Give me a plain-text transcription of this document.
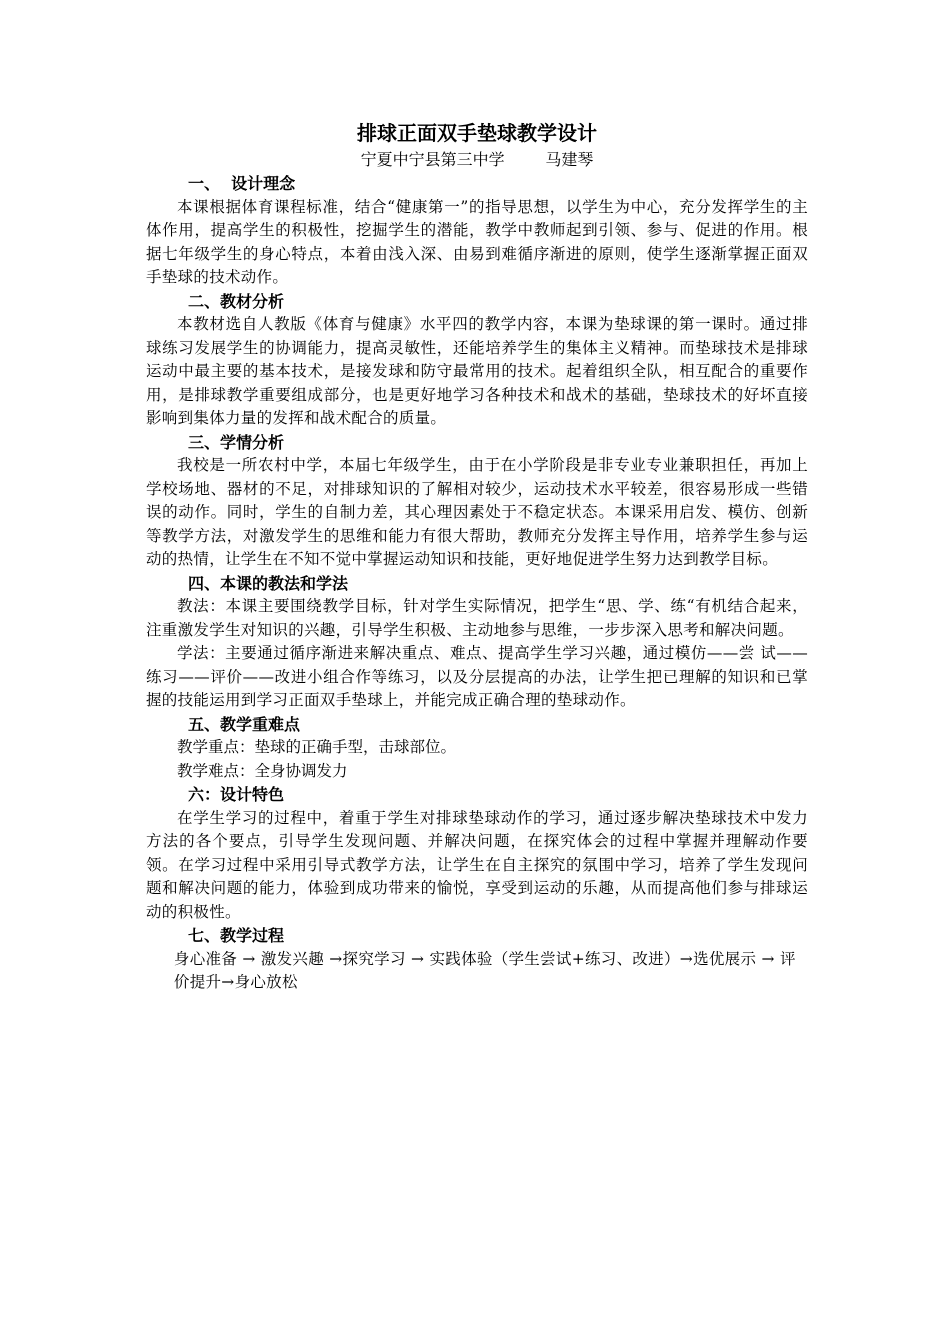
排球正面双手垫球教学设计

宁夏中宁县第三中学        马建琴

一、  设计理念

本课根据体育课程标准，结合“健康第一”的指导思想，以学生为中心，充分发挥学生的主体作用，提高学生的积极性，挖掘学生的潜能，教学中教师起到引领、参与、促进的作用。根据七年级学生的身心特点，本着由浅入深、由易到难循序渐进的原则，使学生逐渐掌握正面双手垫球的技术动作。

二、教材分析

本教材选自人教版《体育与健康》水平四的教学内容，本课为垫球课的第一课时。通过排球练习发展学生的协调能力，提高灵敏性，还能培养学生的集体主义精神。而垫球技术是排球运动中最主要的基本技术，是接发球和防守最常用的技术。起着组织全队，相互配合的重要作用，是排球教学重要组成部分，也是更好地学习各种技术和战术的基础，垫球技术的好坏直接影响到集体力量的发挥和战术配合的质量。

三、学情分析

我校是一所农村中学，本届七年级学生，由于在小学阶段是非专业专业兼职担任，再加上学校场地、器材的不足，对排球知识的了解相对较少，运动技术水平较差，很容易形成一些错误的动作。同时，学生的自制力差，其心理因素处于不稳定状态。本课采用启发、模仿、创新等教学方法，对激发学生的思维和能力有很大帮助，教师充分发挥主导作用，培养学生参与运动的热情，让学生在不知不觉中掌握运动知识和技能，更好地促进学生努力达到教学目标。

四、本课的教法和学法

教法：本课主要围绕教学目标，针对学生实际情况，把学生“思、学、练“有机结合起来，注重激发学生对知识的兴趣，引导学生积极、主动地参与思维，一步步深入思考和解决问题。

学法：主要通过循序渐进来解决重点、难点、提高学生学习兴趣，通过模仿——尝 试——练习——评价——改进小组合作等练习，以及分层提高的办法，让学生把已理解的知识和已掌握的技能运用到学习正面双手垫球上，并能完成正确合理的垫球动作。

五、教学重难点

教学重点：垫球的正确手型，击球部位。

教学难点：全身协调发力

六：设计特色

在学生学习的过程中，着重于学生对排球垫球动作的学习，通过逐步解决垫球技术中发力方法的各个要点，引导学生发现问题、并解决问题，在探究体会的过程中掌握并理解动作要领。在学习过程中采用引导式教学方法，让学生在自主探究的氛围中学习，培养了学生发现问题和解决问题的能力，体验到成功带来的愉悦，享受到运动的乐趣，从而提高他们参与排球运动的积极性。

七、教学过程

身心准备 → 激发兴趣 →探究学习 → 实践体验（学生尝试+练习、改进）→选优展示 → 评价提升→身心放松
